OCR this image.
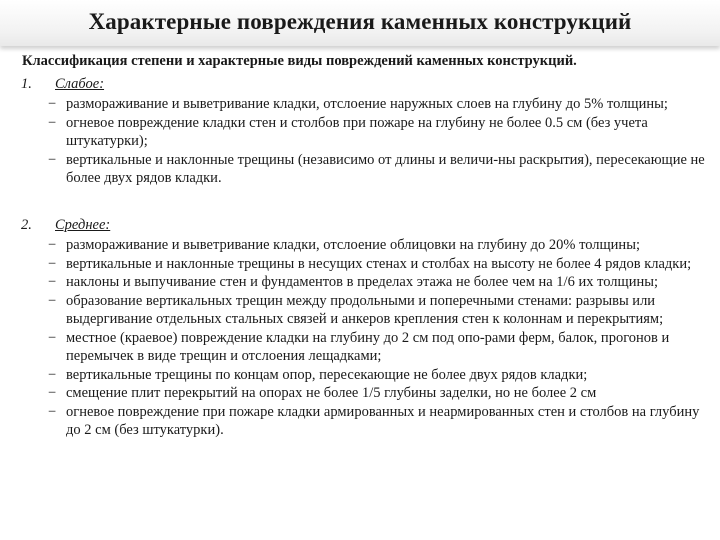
Характерные повреждения каменных конструкций
Классификация степени и характерные виды повреждений каменных конструкций.
1. Слабое:
− разморaживание и выветривание кладки, отслоение наружных слоев на глубину до 5% толщины;
− огневое повреждение кладки стен и столбов при пожаре на глубину не более 0.5 см (без учета штукатурки);
− вертикальные и наклонные трещины (независимо от длины и величи-ны раскрытия), пересекающие не более двух рядов кладки.
2. Среднее:
− размораживание и выветривание кладки, отслоение облицовки на глубину до 20% толщины;
− вертикальные и наклонные трещины в несущих стенах и столбах на высоту не более 4 рядов кладки;
− наклоны и выпучивание стен и фундаментов в пределах этажа не более чем на 1/6 их толщины;
− образование вертикальных трещин между продольными и поперечными стенами: разрывы или выдергивание отдельных стальных связей и анкеров крепления стен к колоннам и перекрытиям;
− местное (краевое) повреждение кладки на глубину до 2 см под опо-рами ферм, балок, прогонов и перемычек в виде трещин и отслоения лещадками;
− вертикальные трещины по концам опор, пересекающие не более двух рядов кладки;
− смещение плит перекрытий на опорах не более 1/5 глубины заделки, но не более 2 см
− огневое повреждение при пожаре кладки армированных и неармированных стен и столбов на глубину до 2 см (без штукатурки).
